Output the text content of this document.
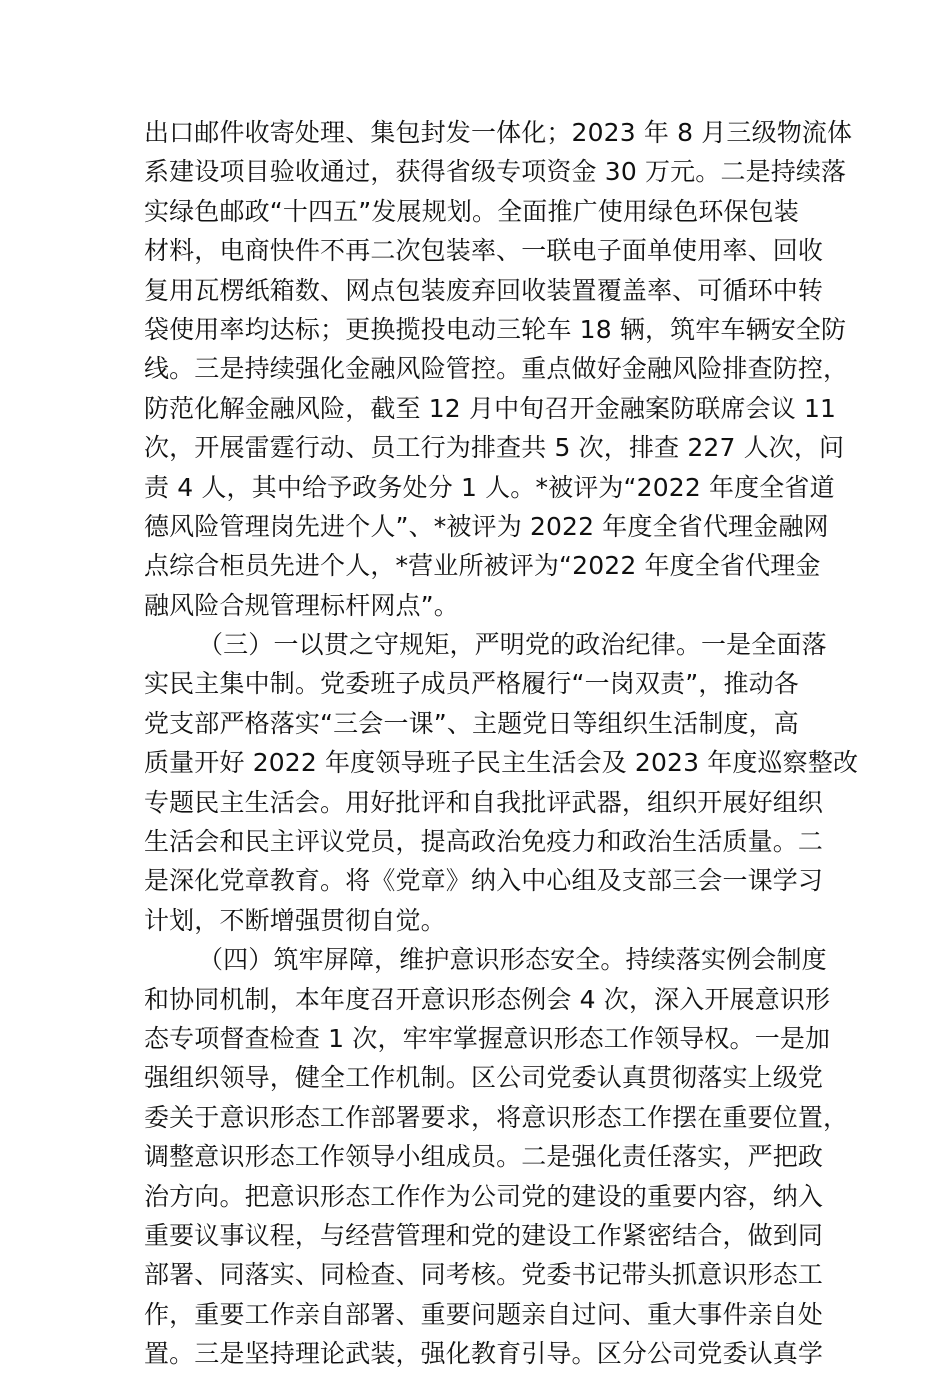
出口邮件收寄处理、集包封发一体化；2023 年 8 月三级物流体
系建设项目验收通过，获得省级专项资金 30 万元。二是持续落
实绿色邮政“十四五”发展规划。全面推广使用绿色环保包装
材料，电商快件不再二次包装率、一联电子面单使用率、回收
复用瓦楞纸箱数、网点包装废弃回收装置覆盖率、可循环中转
袋使用率均达标；更换揽投电动三轮车 18 辆，筑牢车辆安全防
线。三是持续强化金融风险管控。重点做好金融风险排查防控，
防范化解金融风险，截至 12 月中旬召开金融案防联席会议 11
次，开展雷霆行动、员工行为排查共 5 次，排查 227 人次，问
责 4 人，其中给予政务处分 1 人。*被评为“2022 年度全省道
德风险管理岗先进个人”、*被评为 2022 年度全省代理金融网
点综合柜员先进个人，*营业所被评为“2022 年度全省代理金
融风险合规管理标杆网点”。
（三）一以贯之守规矩，严明党的政治纪律。一是全面落
实民主集中制。党委班子成员严格履行“一岗双责”，推动各
党支部严格落实“三会一课”、主题党日等组织生活制度，高
质量开好 2022 年度领导班子民主生活会及 2023 年度巡察整改
专题民主生活会。用好批评和自我批评武器，组织开展好组织
生活会和民主评议党员，提高政治免疫力和政治生活质量。二
是深化党章教育。将《党章》纳入中心组及支部三会一课学习
计划，不断增强贯彻自觉。
（四）筑牢屏障，维护意识形态安全。持续落实例会制度
和协同机制，本年度召开意识形态例会 4 次，深入开展意识形
态专项督查检查 1 次，牢牢掌握意识形态工作领导权。一是加
强组织领导，健全工作机制。区公司党委认真贯彻落实上级党
委关于意识形态工作部署要求，将意识形态工作摆在重要位置，
调整意识形态工作领导小组成员。二是强化责任落实，严把政
治方向。把意识形态工作作为公司党的建设的重要内容，纳入
重要议事议程，与经营管理和党的建设工作紧密结合，做到同
部署、同落实、同检查、同考核。党委书记带头抓意识形态工
作，重要工作亲自部署、重要问题亲自过问、重大事件亲自处
置。三是坚持理论武装，强化教育引导。区分公司党委认真学
